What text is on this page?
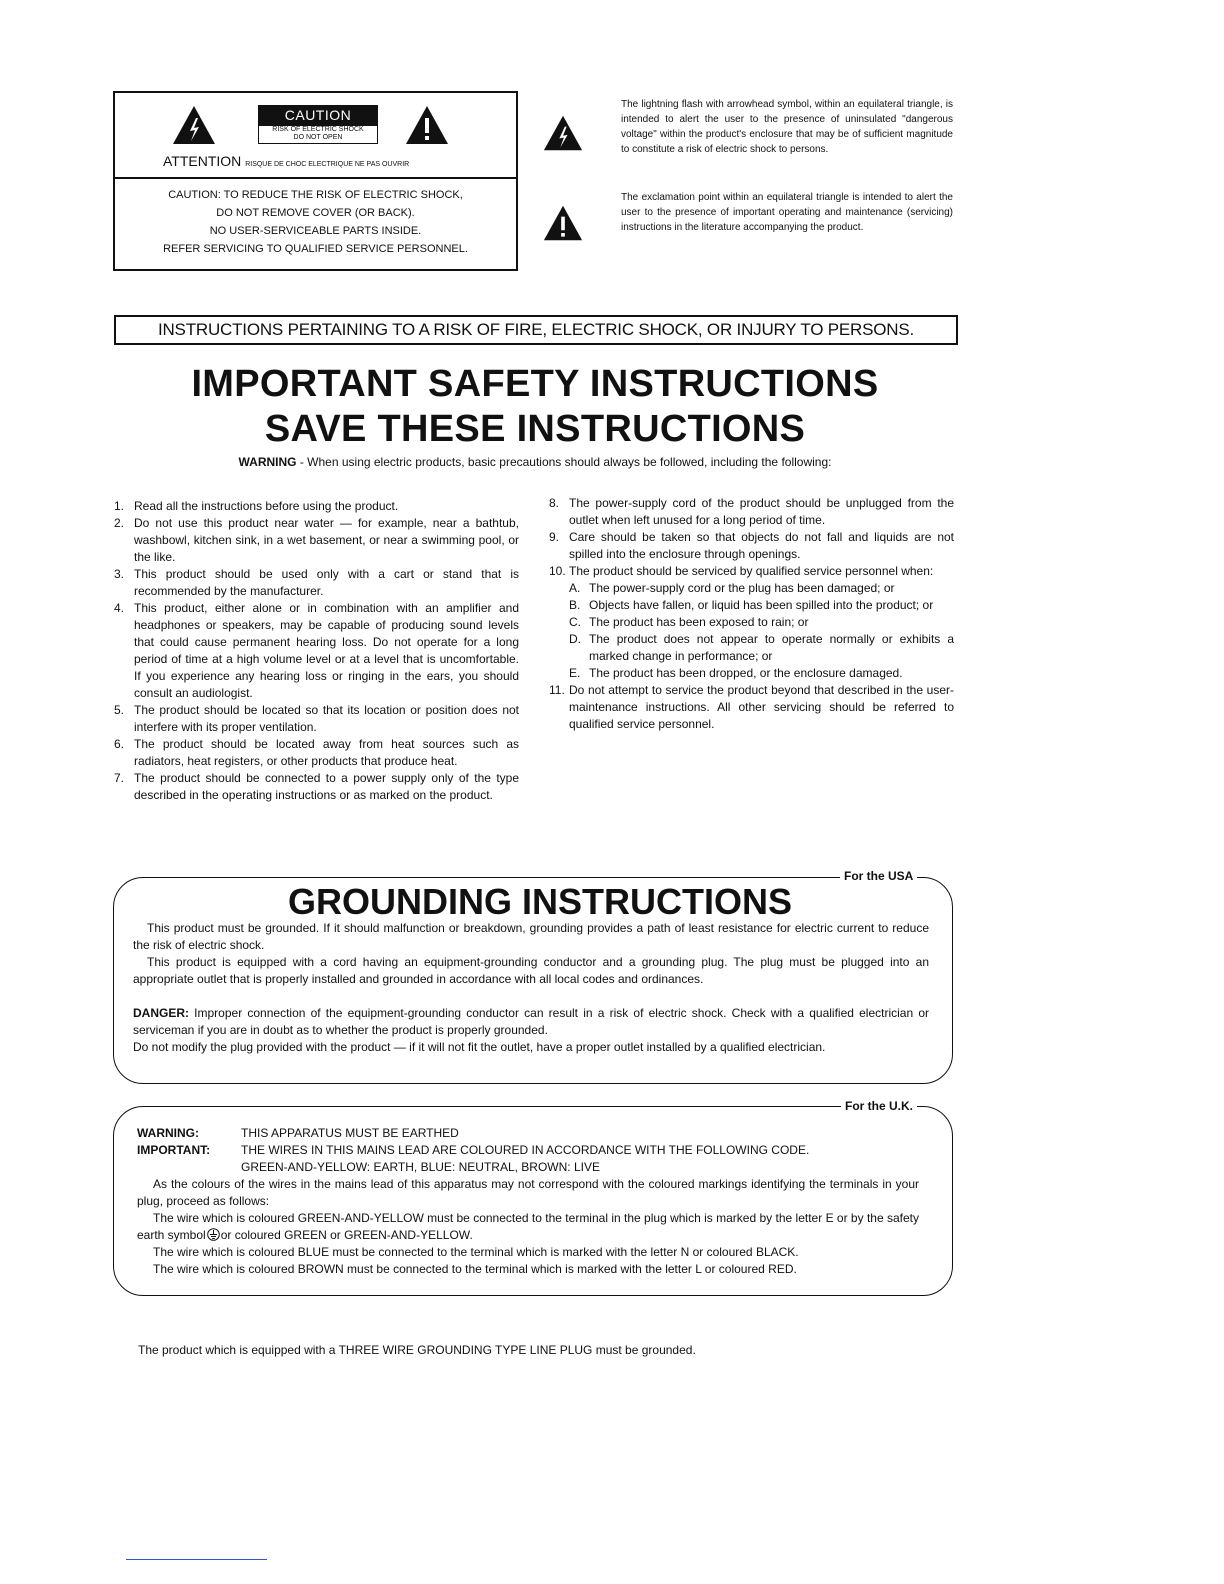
CAUTION
RISK OF ELECTRIC SHOCK
DO NOT OPEN
ATTENTION RISQUE DE CHOC ELECTRIQUE NE PAS OUVRIR
CAUTION: TO REDUCE THE RISK OF ELECTRIC SHOCK,
DO NOT REMOVE COVER (OR BACK).
NO USER-SERVICEABLE PARTS INSIDE.
REFER SERVICING TO QUALIFIED SERVICE PERSONNEL.
The lightning flash with arrowhead symbol, within an equilateral triangle, is intended to alert the user to the presence of uninsulated "dangerous voltage" within the product's enclosure that may be of sufficient magnitude to constitute a risk of electric shock to persons.
The exclamation point within an equilateral triangle is intended to alert the user to the presence of important operating and maintenance (servicing) instructions in the literature accompanying the product.
INSTRUCTIONS PERTAINING TO A RISK OF FIRE, ELECTRIC SHOCK, OR INJURY TO PERSONS.
IMPORTANT SAFETY INSTRUCTIONS
SAVE THESE INSTRUCTIONS
WARNING - When using electric products, basic precautions should always be followed, including the following:
1. Read all the instructions before using the product.
2. Do not use this product near water — for example, near a bathtub, washbowl, kitchen sink, in a wet basement, or near a swimming pool, or the like.
3. This product should be used only with a cart or stand that is recommended by the manufacturer.
4. This product, either alone or in combination with an amplifier and headphones or speakers, may be capable of producing sound levels that could cause permanent hearing loss. Do not operate for a long period of time at a high volume level or at a level that is uncomfortable. If you experience any hearing loss or ringing in the ears, you should consult an audiologist.
5. The product should be located so that its location or position does not interfere with its proper ventilation.
6. The product should be located away from heat sources such as radiators, heat registers, or other products that produce heat.
7. The product should be connected to a power supply only of the type described in the operating instructions or as marked on the product.
8. The power-supply cord of the product should be unplugged from the outlet when left unused for a long period of time.
9. Care should be taken so that objects do not fall and liquids are not spilled into the enclosure through openings.
10. The product should be serviced by qualified service personnel when:
A. The power-supply cord or the plug has been damaged; or
B. Objects have fallen, or liquid has been spilled into the product; or
C. The product has been exposed to rain; or
D. The product does not appear to operate normally or exhibits a marked change in performance; or
E. The product has been dropped, or the enclosure damaged.
11. Do not attempt to service the product beyond that described in the user-maintenance instructions. All other servicing should be referred to qualified service personnel.
For the USA
GROUNDING INSTRUCTIONS
This product must be grounded. If it should malfunction or breakdown, grounding provides a path of least resistance for electric current to reduce the risk of electric shock.
This product is equipped with a cord having an equipment-grounding conductor and a grounding plug. The plug must be plugged into an appropriate outlet that is properly installed and grounded in accordance with all local codes and ordinances.
DANGER: Improper connection of the equipment-grounding conductor can result in a risk of electric shock. Check with a qualified electrician or serviceman if you are in doubt as to whether the product is properly grounded.
Do not modify the plug provided with the product — if it will not fit the outlet, have a proper outlet installed by a qualified electrician.
For the U.K.
WARNING:	THIS APPARATUS MUST BE EARTHED
IMPORTANT:	THE WIRES IN THIS MAINS LEAD ARE COLOURED IN ACCORDANCE WITH THE FOLLOWING CODE.
GREEN-AND-YELLOW: EARTH, BLUE: NEUTRAL, BROWN: LIVE
As the colours of the wires in the mains lead of this apparatus may not correspond with the coloured markings identifying the terminals in your plug, proceed as follows:
The wire which is coloured GREEN-AND-YELLOW must be connected to the terminal in the plug which is marked by the letter E or by the safety earth symbol or coloured GREEN or GREEN-AND-YELLOW.
The wire which is coloured BLUE must be connected to the terminal which is marked with the letter N or coloured BLACK.
The wire which is coloured BROWN must be connected to the terminal which is marked with the letter L or coloured RED.
The product which is equipped with a THREE WIRE GROUNDING TYPE LINE PLUG must be grounded.
